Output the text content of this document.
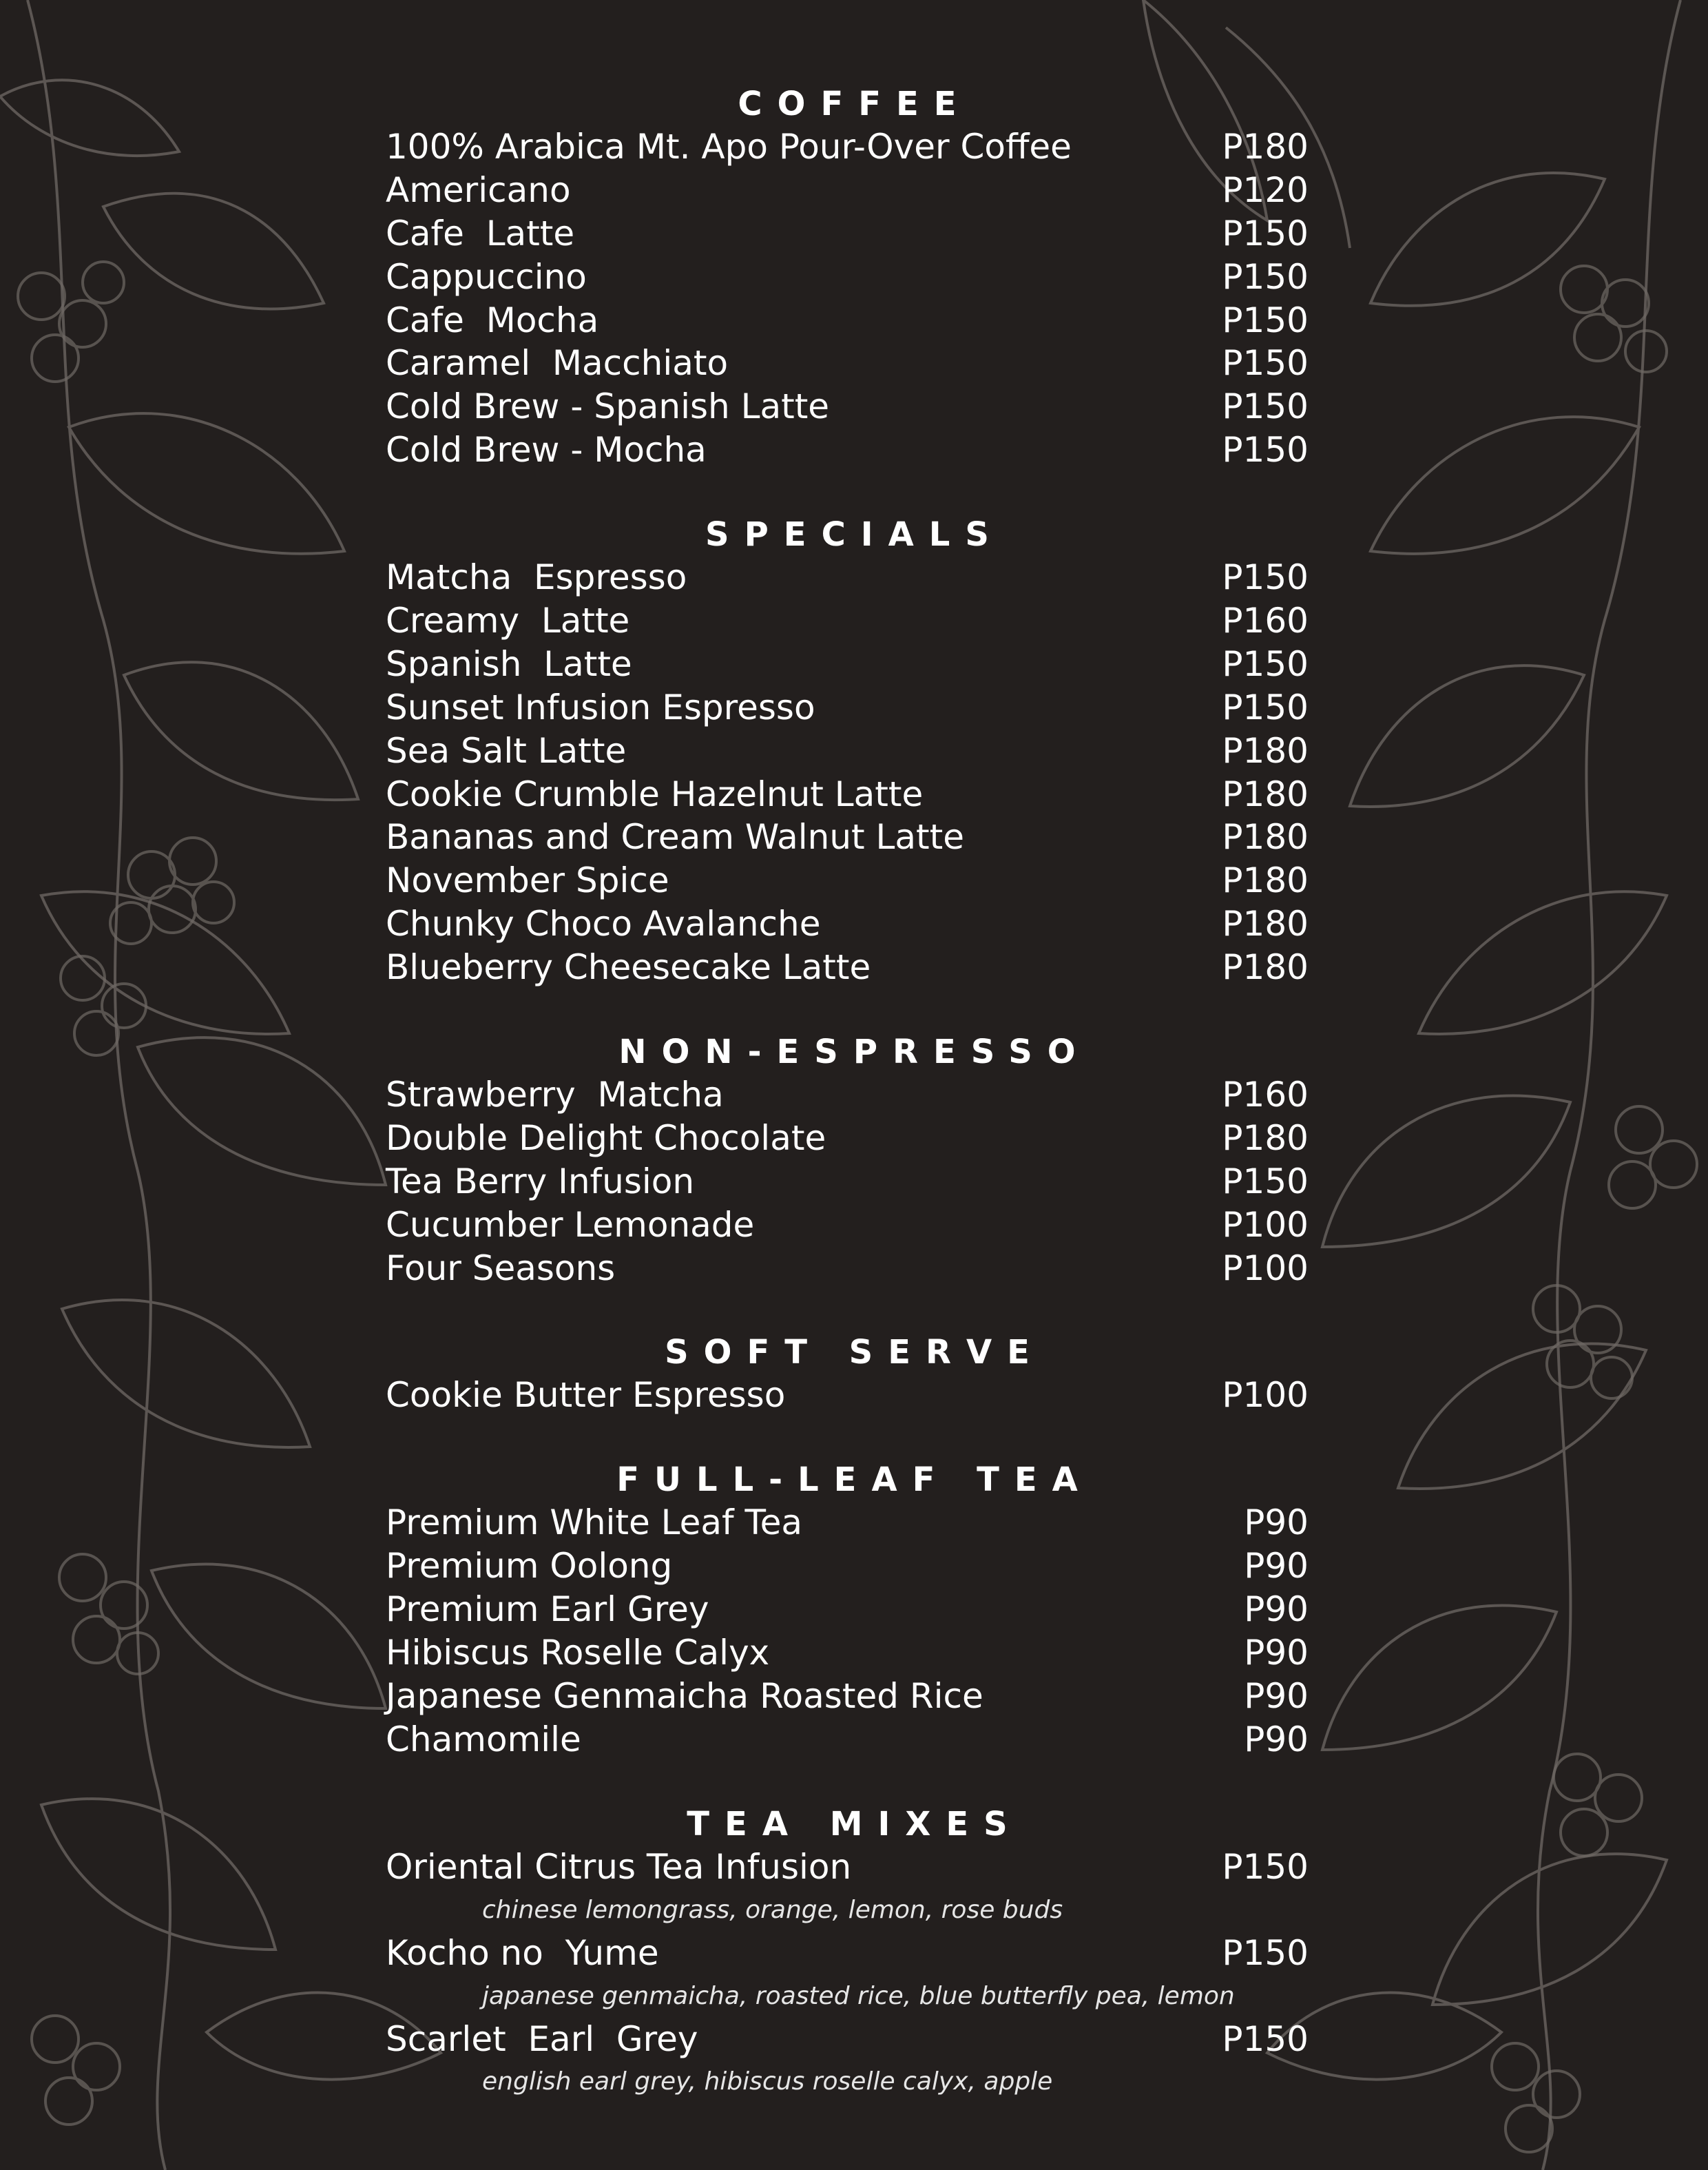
COFFEE
100% Arabica Mt. Apo Pour-Over Coffee	P180
Americano	P120
Cafe  Latte	P150
Cappuccino	P150
Cafe  Mocha	P150
Caramel  Macchiato	P150
Cold Brew - Spanish Latte	P150
Cold Brew - Mocha	P150
SPECIALS
Matcha  Espresso	P150
Creamy  Latte	P160
Spanish  Latte	P150
Sunset Infusion Espresso	P150
Sea Salt Latte	P180
Cookie Crumble Hazelnut Latte	P180
Bananas and Cream Walnut Latte	P180
November Spice	P180
Chunky Choco Avalanche	P180
Blueberry Cheesecake Latte	P180
NON-ESPRESSO
Strawberry  Matcha	P160
Double Delight Chocolate	P180
Tea Berry Infusion	P150
Cucumber Lemonade	P100
Four Seasons	P100
SOFT SERVE
Cookie Butter Espresso	P100
FULL-LEAF TEA
Premium White Leaf Tea	P90
Premium Oolong	P90
Premium Earl Grey	P90
Hibiscus Roselle Calyx	P90
Japanese Genmaicha Roasted Rice	P90
Chamomile	P90
TEA MIXES
Oriental Citrus Tea Infusion	P150
chinese lemongrass, orange, lemon, rose buds
Kocho no  Yume	P150
japanese genmaicha, roasted rice, blue butterfly pea, lemon
Scarlet  Earl  Grey	P150
english earl grey, hibiscus roselle calyx, apple
